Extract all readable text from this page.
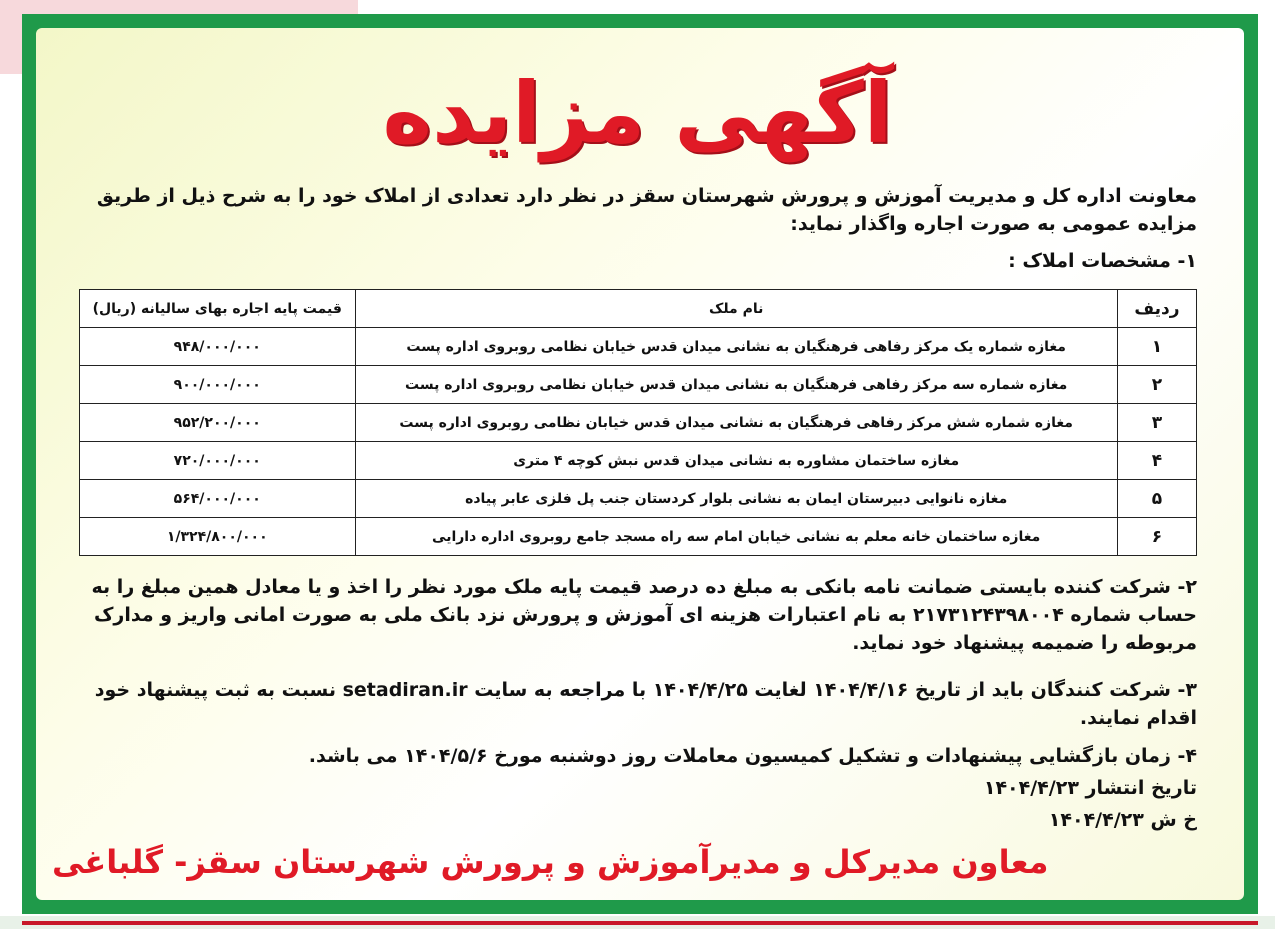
آگهی مزایده
معاونت اداره کل و مدیریت آموزش و پرورش شهرستان سقز در نظر دارد تعدادی از املاک خود را به شرح ذیل از طریق مزایده عمومی به صورت اجاره واگذار نماید:
۱- مشخصات املاک :
ردیف	نام ملک	قیمت پایه اجاره بهای سالیانه (ریال)
۱	مغازه شماره یک مرکز رفاهی فرهنگیان به نشانی میدان قدس خیابان نظامی روبروی اداره پست	۹۴۸/۰۰۰/۰۰۰
۲	مغازه شماره سه مرکز رفاهی فرهنگیان به نشانی میدان قدس خیابان نظامی روبروی اداره پست	۹۰۰/۰۰۰/۰۰۰
۳	مغازه شماره شش مرکز رفاهی فرهنگیان به نشانی میدان قدس خیابان نظامی روبروی اداره پست	۹۵۲/۲۰۰/۰۰۰
۴	مغازه ساختمان مشاوره به نشانی میدان قدس نبش کوچه ۴ متری	۷۲۰/۰۰۰/۰۰۰
۵	مغازه نانوایی دبیرستان ایمان به نشانی بلوار کردستان جنب پل فلزی عابر پیاده	۵۶۴/۰۰۰/۰۰۰
۶	مغازه ساختمان خانه معلم به نشانی خیابان امام سه راه مسجد جامع روبروی اداره دارایی	۱/۳۲۴/۸۰۰/۰۰۰
۲- شرکت کننده بایستی ضمانت نامه بانکی به مبلغ ده درصد قیمت پایه ملک مورد نظر را اخذ و یا معادل همین مبلغ را به حساب شماره ۲۱۷۳۱۲۴۳۹۸۰۰۴ به نام اعتبارات هزینه ای آموزش و پرورش نزد بانک ملی به صورت امانی واریز و مدارک مربوطه را ضمیمه پیشنهاد خود نماید.
۳- شرکت کنندگان باید از تاریخ ۱۴۰۴/۴/۱۶ لغایت ۱۴۰۴/۴/۲۵ با مراجعه به سایت setadiran.ir نسبت به ثبت پیشنهاد خود اقدام نمایند.
۴- زمان بازگشایی پیشنهادات و تشکیل کمیسیون معاملات روز دوشنبه مورخ ۱۴۰۴/۵/۶ می باشد.
تاریخ انتشار ۱۴۰۴/۴/۲۳
خ ش ۱۴۰۴/۴/۲۳
معاون مدیرکل و مدیرآموزش و پرورش شهرستان سقز- گلباغی
